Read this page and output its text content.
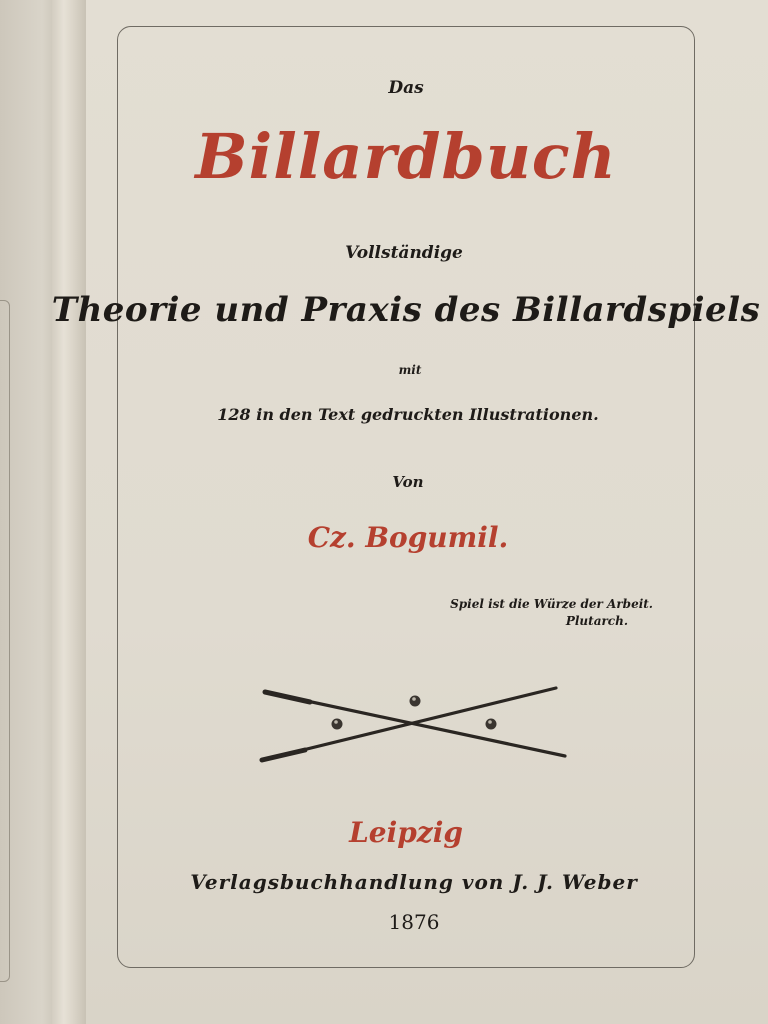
Das
Billardbuch
Vollständige
Theorie und Praxis des Billardspiels
mit
128 in den Text gedruckten Illustrationen.
Von
Cz. Bogumil.
Spiel ist die Würze der Arbeit.
Plutarch.
Leipzig
Verlagsbuchhandlung von J. J. Weber
1876
